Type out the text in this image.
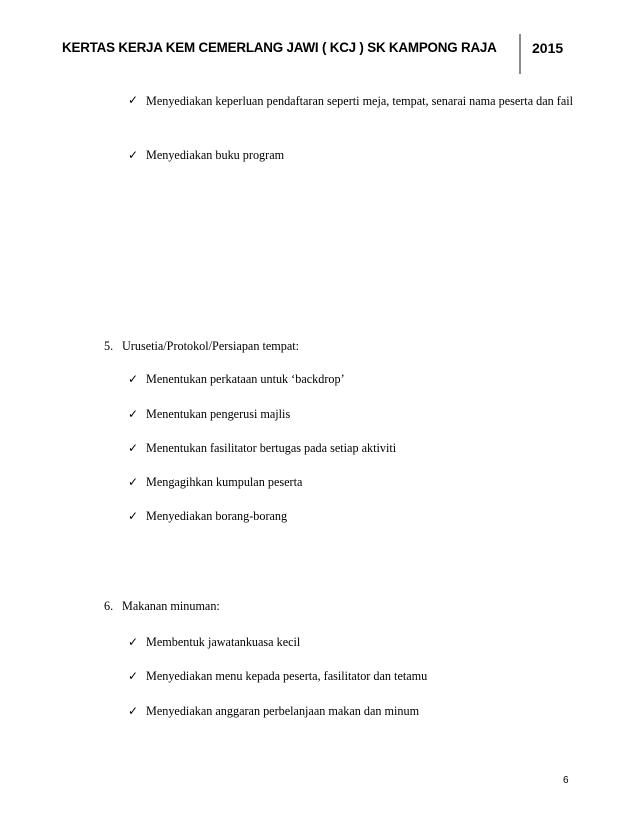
KERTAS KERJA KEM CEMERLANG JAWI ( KCJ ) SK KAMPONG RAJA	2015
✓ Menyediakan keperluan pendaftaran seperti meja, tempat, senarai nama peserta dan fail
✓ Menyediakan buku program
5. Urusetia/Protokol/Persiapan tempat:
✓ Menentukan perkataan untuk ‘backdrop’
✓ Menentukan pengerusi majlis
✓ Menentukan fasilitator bertugas pada setiap aktiviti
✓ Mengagihkan kumpulan peserta
✓ Menyediakan borang-borang
6. Makanan minuman:
✓ Membentuk jawatankuasa kecil
✓ Menyediakan menu kepada peserta, fasilitator dan tetamu
✓ Menyediakan anggaran perbelanjaan makan dan minum
6
